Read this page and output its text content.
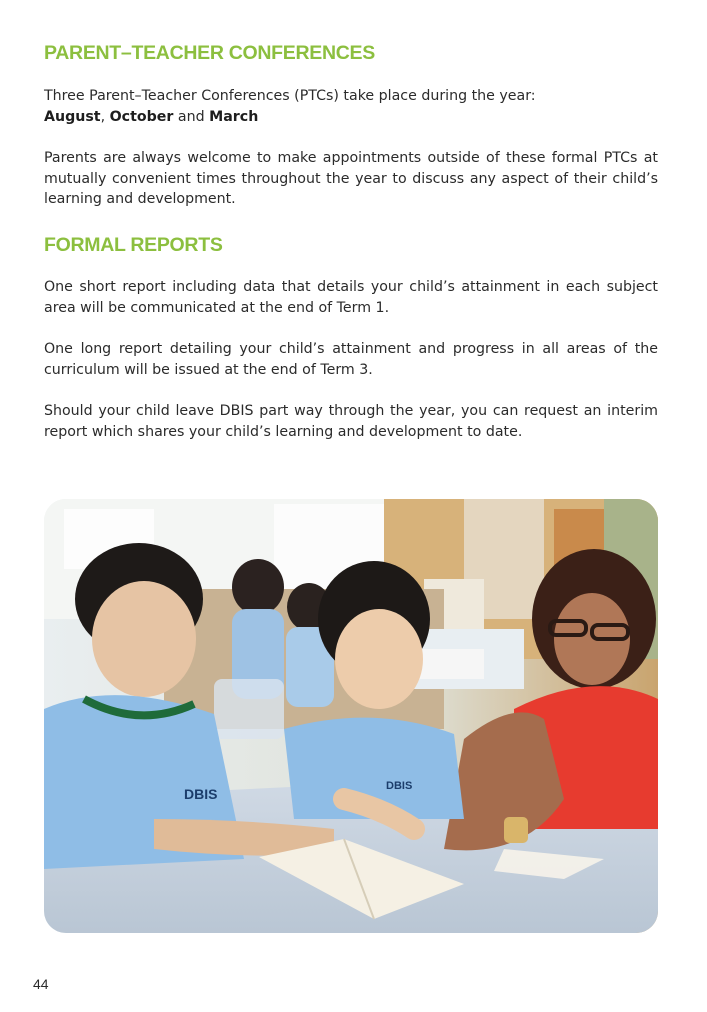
PARENT–TEACHER CONFERENCES

Three Parent–Teacher Conferences (PTCs) take place during the year:
August, October and March

Parents are always welcome to make appointments outside of these formal PTCs at mutually convenient times throughout the year to discuss any aspect of their child’s learning and development.

FORMAL REPORTS

One short report including data that details your child’s attainment in each subject area will be communicated at the end of Term 1.

One long report detailing your child’s attainment and progress in all areas of the curriculum will be issued at the end of Term 3.

Should your child leave DBIS part way through the year, you can request an interim report which shares your child’s learning and development to date.

DBIS	DBIS
44
